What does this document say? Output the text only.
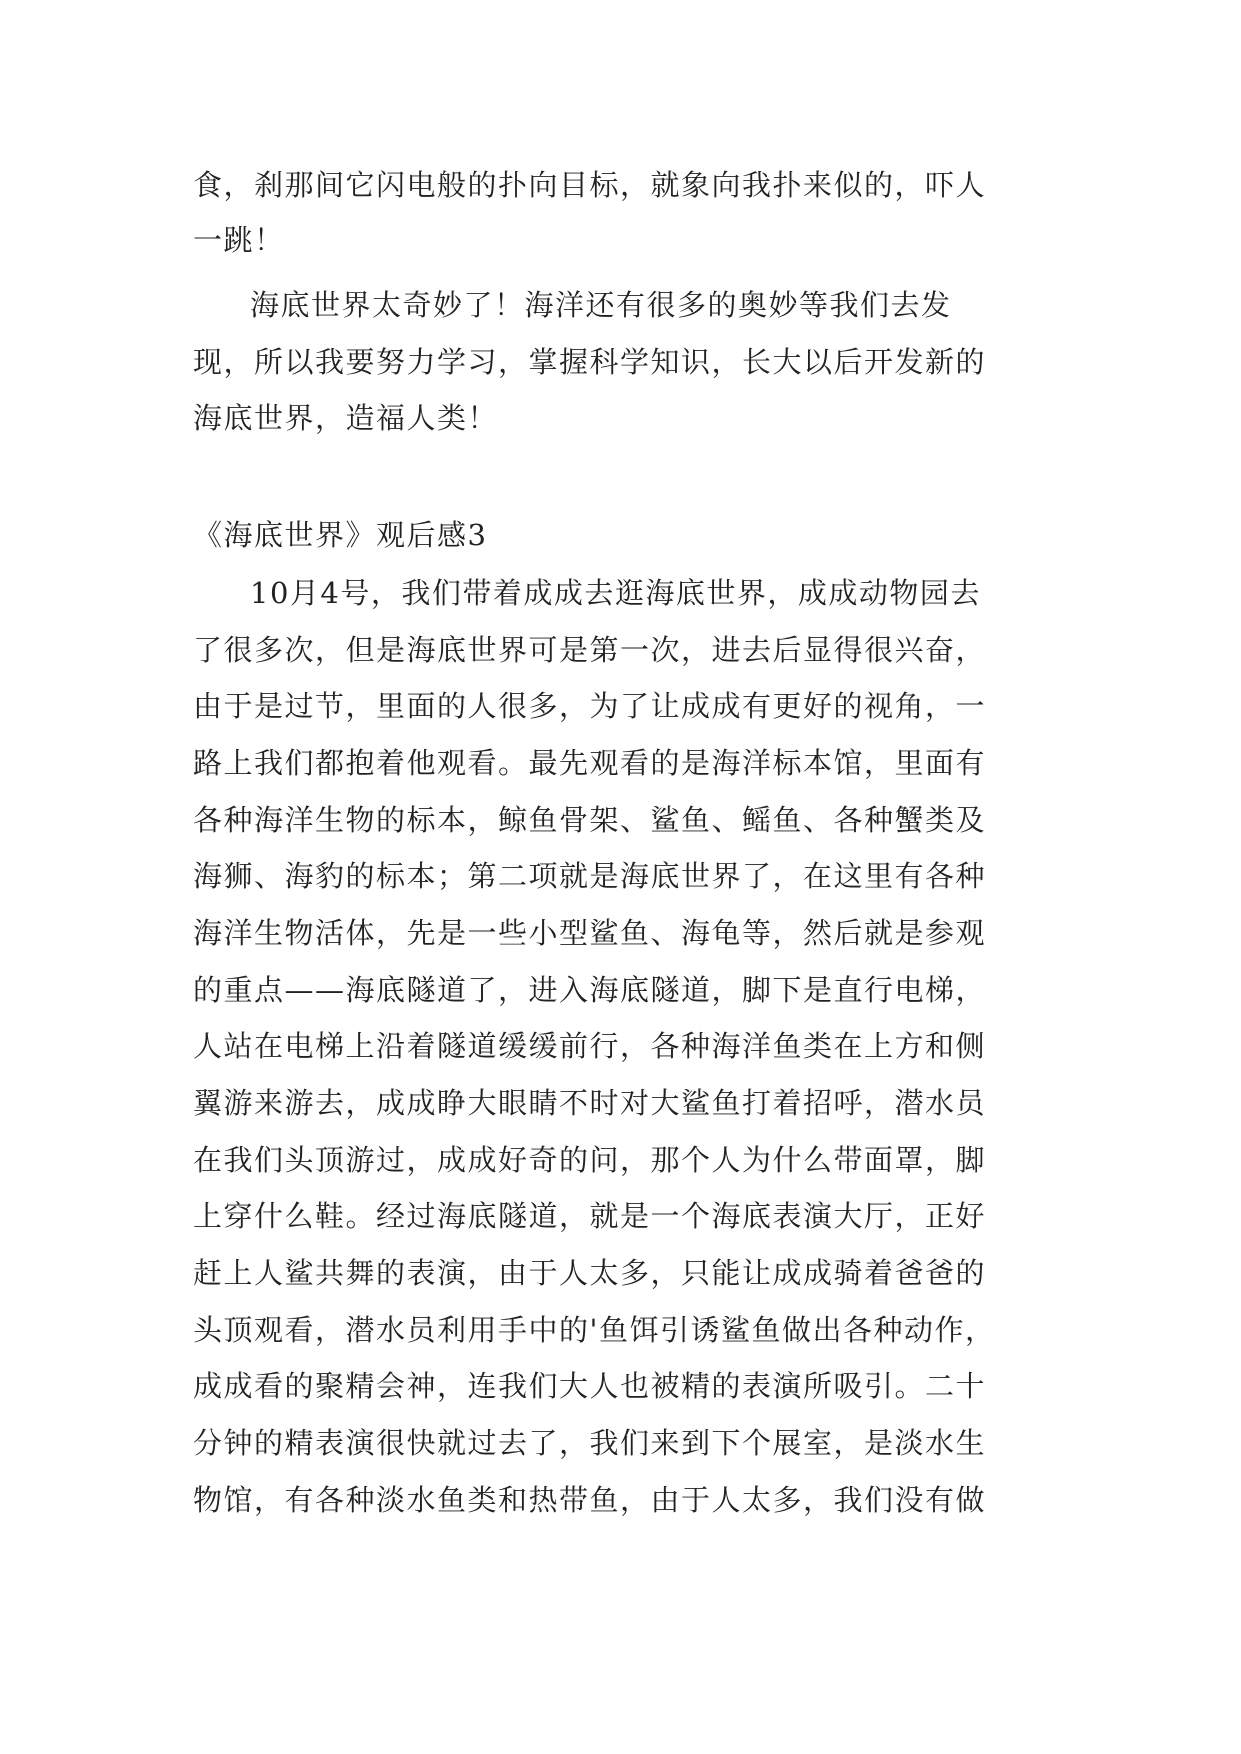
食，刹那间它闪电般的扑向目标，就象向我扑来似的，吓人
一跳！
海底世界太奇妙了！海洋还有很多的奥妙等我们去发
现，所以我要努力学习，掌握科学知识，长大以后开发新的
海底世界，造福人类！
《海底世界》观后感3
10月4号，我们带着成成去逛海底世界，成成动物园去
了很多次，但是海底世界可是第一次，进去后显得很兴奋，
由于是过节，里面的人很多，为了让成成有更好的视角，一
路上我们都抱着他观看。最先观看的是海洋标本馆，里面有
各种海洋生物的标本，鲸鱼骨架、鲨鱼、鳐鱼、各种蟹类及
海狮、海豹的标本；第二项就是海底世界了，在这里有各种
海洋生物活体，先是一些小型鲨鱼、海龟等，然后就是参观
的重点——海底隧道了，进入海底隧道，脚下是直行电梯，
人站在电梯上沿着隧道缓缓前行，各种海洋鱼类在上方和侧
翼游来游去，成成睁大眼睛不时对大鲨鱼打着招呼，潜水员
在我们头顶游过，成成好奇的问，那个人为什么带面罩，脚
上穿什么鞋。经过海底隧道，就是一个海底表演大厅，正好
赶上人鲨共舞的表演，由于人太多，只能让成成骑着爸爸的
头顶观看，潜水员利用手中的'鱼饵引诱鲨鱼做出各种动作，
成成看的聚精会神，连我们大人也被精的表演所吸引。二十
分钟的精表演很快就过去了，我们来到下个展室，是淡水生
物馆，有各种淡水鱼类和热带鱼，由于人太多，我们没有做
